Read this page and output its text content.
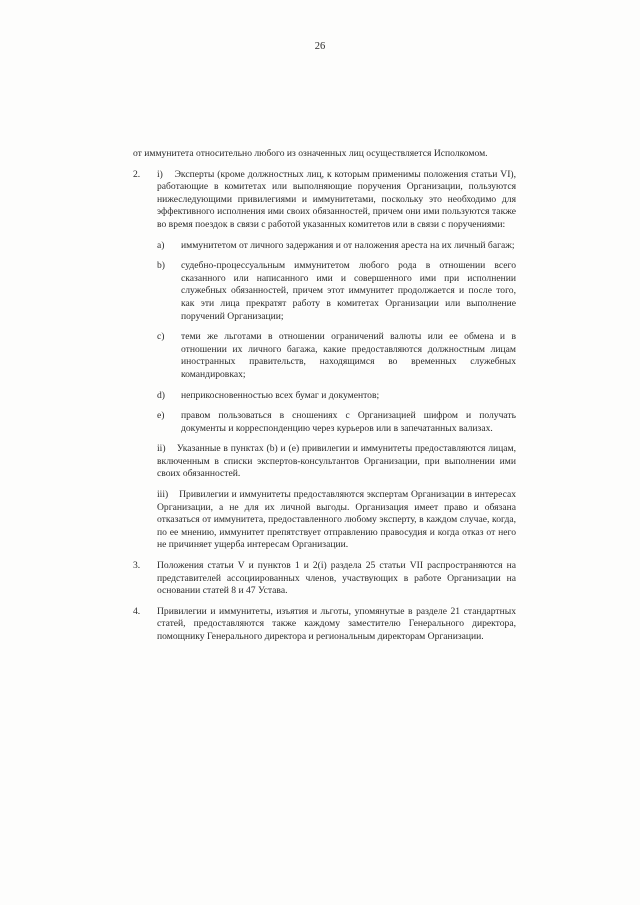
26

от иммунитета относительно любого из означенных лиц осуществляется Исполкомом.

2.	i) Эксперты (кроме должностных лиц, к которым применимы положения статьи VI), работающие в комитетах или выполняющие поручения Организации, пользуются нижеследующими привилегиями и иммунитетами, поскольку это необходимо для эффективного исполнения ими своих обязанностей, причем они ими пользуются также во время поездок в связи с работой указанных комитетов или в связи с поручениями:
a)	иммунитетом от личного задержания и от наложения ареста на их личный багаж;
b)	судебно-процессуальным иммунитетом любого рода в отношении всего сказанного или написанного ими и совершенного ими при исполнении служебных обязанностей, причем этот иммунитет продолжается и после того, как эти лица прекратят работу в комитетах Организации или выполнение поручений Организации;
c)	теми же льготами в отношении ограничений валюты или ее обмена и в отношении их личного багажа, какие предоставляются должностным лицам иностранных правительств, находящимся во временных служебных командировках;
d)	неприкосновенностью всех бумаг и документов;
e)	правом пользоваться в сношениях с Организацией шифром и получать документы и корреспонденцию через курьеров или в запечатанных вализах.

ii) Указанные в пунктах (b) и (e) привилегии и иммунитеты предоставляются лицам, включенным в списки экспертов-консультантов Организации, при выполнении ими своих обязанностей.

iii) Привилегии и иммунитеты предоставляются экспертам Организации в интересах Организации, а не для их личной выгоды. Организация имеет право и обязана отказаться от иммунитета, предоставленного любому эксперту, в каждом случае, когда, по ее мнению, иммунитет препятствует отправлению правосудия и когда отказ от него не причиняет ущерба интересам Организации.

3.	Положения статьи V и пунктов 1 и 2(i) раздела 25 статьи VII распространяются на представителей ассоциированных членов, участвующих в работе Организации на основании статей 8 и 47 Устава.
4.	Привилегии и иммунитеты, изъятия и льготы, упомянутые в разделе 21 стандартных статей, предоставляются также каждому заместителю Генерального директора, помощнику Генерального директора и региональным директорам Организации.
